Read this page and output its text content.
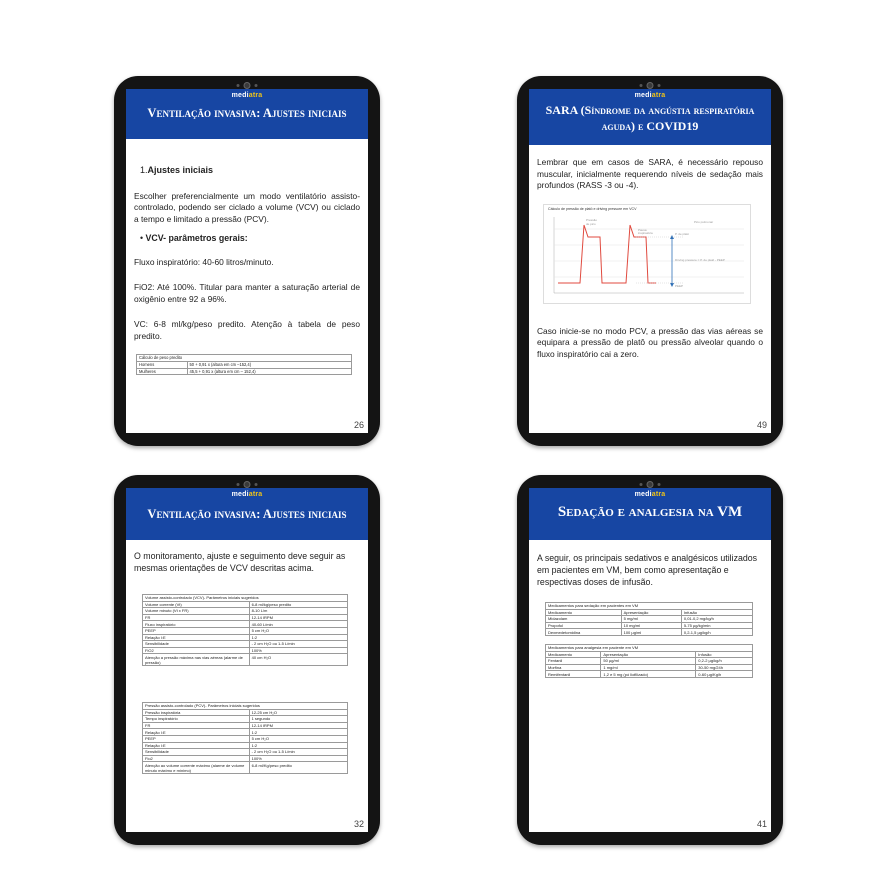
mediatra
Ventilação invasiva: Ajustes iniciais

1.Ajustes iniciais

Escolher preferencialmente um modo ventilatório assisto-controlado, podendo ser ciclado a volume (VCV) ou ciclado a tempo e limitado a pressão (PCV).

• VCV- parâmetros gerais:

Fluxo inspiratório: 40-60 litros/minuto.

FiO2: Até 100%. Titular para manter a saturação arterial de oxigênio entre 92 a 96%.

VC: 6-8 ml/kg/peso predito. Atenção à tabela de peso predito.

Cálculo de peso predito	
Homens	50 + 0,91 x (altura em cm –152,4)
Mulheres	45,5 + 0,91 x (altura em cm – 152,4)
26
mediatra
SARA (Síndrome da angústia respiratória aguda) e COVID19

Lembrar que em casos de SARA, é necessário repouso muscular, inicialmente requerendo níveis de sedação mais profundos (RASS -3 ou -4).

Cálculo de pressão de platô e driving pressure em VCV
Pressão
de pico
Pausa
inspiratória	P. de platô
Driving pressure = P. de platô - PEEP
PEEP
Pico pulmonar

Caso inicie-se no modo PCV, a pressão das vias aéreas se equipara a pressão de platô ou pressão alveolar quando o fluxo inspiratório cai a zero.

49
mediatra
Ventilação invasiva: Ajustes iniciais

O monitoramento, ajuste e seguimento deve seguir as mesmas orientações de VCV descritas acima.

Volume assisto-controlado (VCV)- Parâmetros iniciais sugeridos	
Volume corrente (Vt)	6-8 ml/kg/peso predito
Volume minuto (Vt x FR)	8-10 L/m
FR	12-14 IRPM
Fluxo inspiratório	40-60 L/min
PEEP	5 cm H₂O
Relação I:E	1:2
Sensibilidade	- 2 cm H₂O ou 1-5 L/min
FiO2	100%
Atenção a pressão máxima nas vias aéreas (alarme de pressão)	40 cm H₂O
Pressão assisto-controlado (PCV)- Parâmetros iniciais sugeridos	
Pressão inspiratória	12-25 cm H₂O
Tempo inspiratório	1 segundo
FR	12-14 IRPM
Relação I:E	1:2
PEEP	5 cm H₂O
Relação I:E	1:2
Sensibilidade	- 2 cm H₂O ou 1-5 L/min
Fio2	100%
Atenção ao volume corrente máximo (alarme de volume minuto máximo e mínimo)	6-8 ml/Kg/peso predito
32
mediatra
Sedação e analgesia na VM

A seguir, os principais sedativos e analgésicos utilizados em pacientes em VM, bem como apresentação e respectivas doses de infusão.

Medicamentos para sedação em pacientes em VM		
Medicamento	Apresentação	Infusão
Midazolam	5 mg/ml	0,01-0,2 mg/kg/h
Propofol	10 mg/ml	5-75 µg/kg/min
Dexmedetomidina	100 µg/ml	0,2-1,5 µg/kg/h
Medicamentos para analgesia em paciente em VM		
Medicamento	Apresentação	Infusão
Fentanil	50 µg/ml	0,2-2 µg/kg/h
Morfina	1 mg/ml	30-50 mg/24h
Remifentanil	1,2 e 5 mg (pó liofilizado)	0-60 µg/Kg/h
41
